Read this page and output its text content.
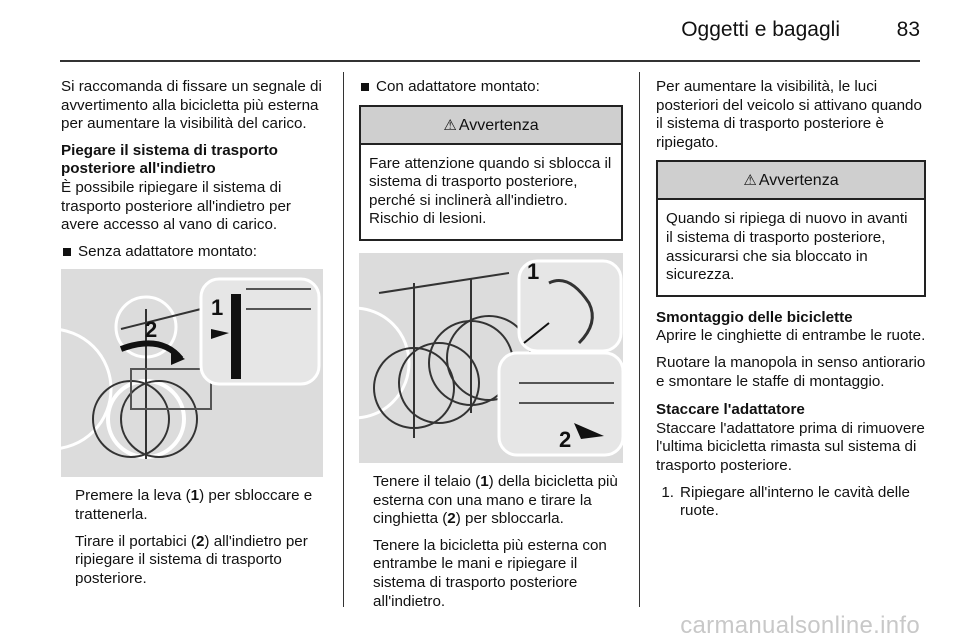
Oggetti e bagagli	83

Si raccomanda di fissare un segnale di avvertimento alla bicicletta più esterna per aumentare la visibilità del carico.

Piegare il sistema di trasporto posteriore all'indietro

È possibile ripiegare il sistema di trasporto posteriore all'indietro per avere accesso al vano di carico.

Senza adattatore montato:
1
2

Premere la leva (1) per sbloccare e trattenerla.

Tirare il portabici (2) all'indietro per ripiegare il sistema di trasporto posteriore.

Con adattatore montato:
⚠ Avvertenza
Fare attenzione quando si sblocca il sistema di trasporto posteriore, perché si inclinerà all'indietro. Rischio di lesioni.
1
2

Tenere il telaio (1) della bicicletta più esterna con una mano e tirare la cinghietta (2) per sbloccarla.

Tenere la bicicletta più esterna con entrambe le mani e ripiegare il sistema di trasporto posteriore all'indietro.

Per aumentare la visibilità, le luci posteriori del veicolo si attivano quando il sistema di trasporto posteriore è ripiegato.

⚠ Avvertenza
Quando si ripiega di nuovo in avanti il sistema di trasporto posteriore, assicurarsi che sia bloccato in sicurezza.
Smontaggio delle biciclette

Aprire le cinghiette di entrambe le ruote.

Ruotare la manopola in senso antiorario e smontare le staffe di montaggio.

Staccare l'adattatore

Staccare l'adattatore prima di rimuovere l'ultima bicicletta rimasta sul sistema di trasporto posteriore.

1. Ripiegare all'interno le cavità delle ruote.
carmanualsonline.info
